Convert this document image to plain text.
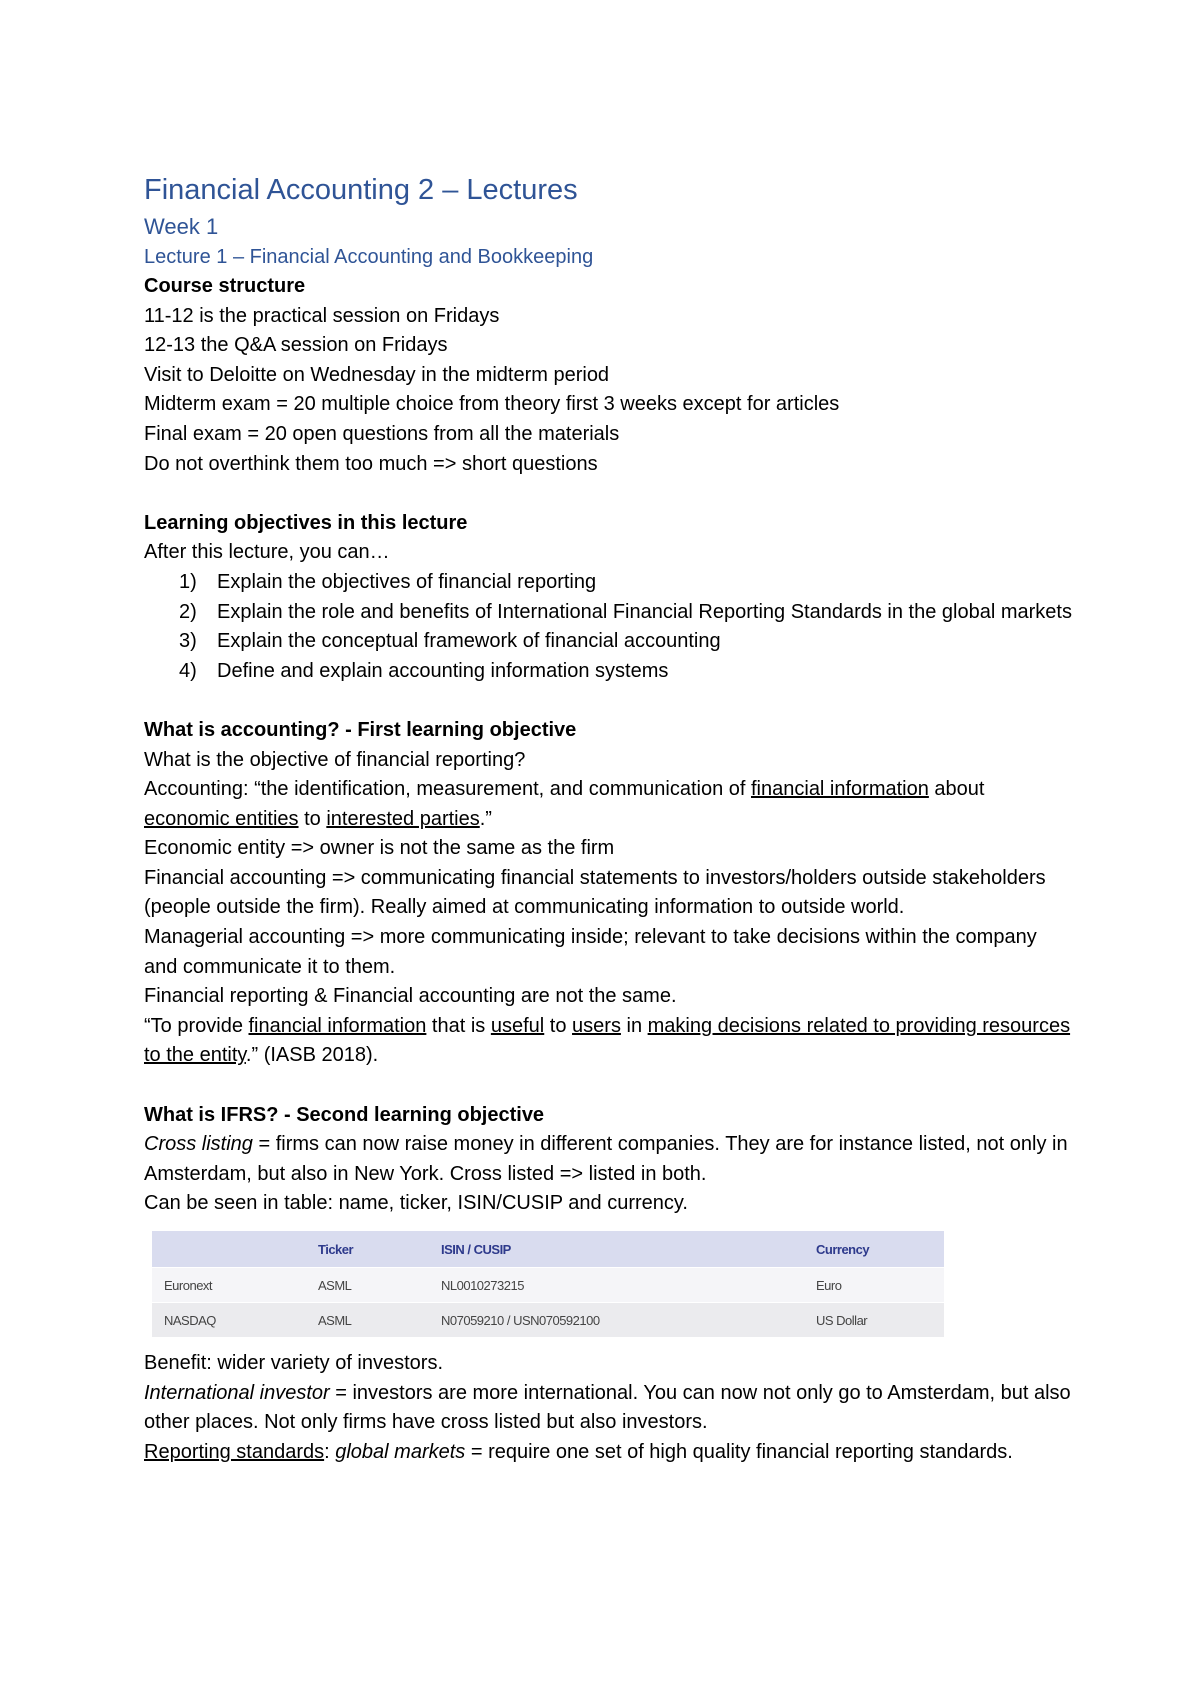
Financial Accounting 2 – Lectures
Week 1
Lecture 1 – Financial Accounting and Bookkeeping

Course structure

11-12 is the practical session on Fridays

12-13 the Q&A session on Fridays

Visit to Deloitte on Wednesday in the midterm period

Midterm exam = 20 multiple choice from theory first 3 weeks except for articles

Final exam = 20 open questions from all the materials

Do not overthink them too much => short questions

Learning objectives in this lecture

After this lecture, you can…

1) Explain the objectives of financial reporting
2) Explain the role and benefits of International Financial Reporting Standards in the global markets
3) Explain the conceptual framework of financial accounting
4) Define and explain accounting information systems

What is accounting? - First learning objective

What is the objective of financial reporting?

Accounting: “the identification, measurement, and communication of financial information about economic entities to interested parties.”

Economic entity => owner is not the same as the firm

Financial accounting => communicating financial statements to investors/holders outside stakeholders (people outside the firm). Really aimed at communicating information to outside world.

Managerial accounting => more communicating inside; relevant to take decisions within the company and communicate it to them.

Financial reporting & Financial accounting are not the same.

“To provide financial information that is useful to users in making decisions related to providing resources to the entity.” (IASB 2018).

What is IFRS? - Second learning objective

Cross listing = firms can now raise money in different companies. They are for instance listed, not only in Amsterdam, but also in New York. Cross listed => listed in both.

Can be seen in table: name, ticker, ISIN/CUSIP and currency.

	Ticker	ISIN / CUSIP	Currency
Euronext	ASML	NL0010273215	Euro
NASDAQ	ASML	N07059210 / USN070592100	US Dollar

Benefit: wider variety of investors.

International investor = investors are more international. You can now not only go to Amsterdam, but also other places. Not only firms have cross listed but also investors.

Reporting standards: global markets = require one set of high quality financial reporting standards.
